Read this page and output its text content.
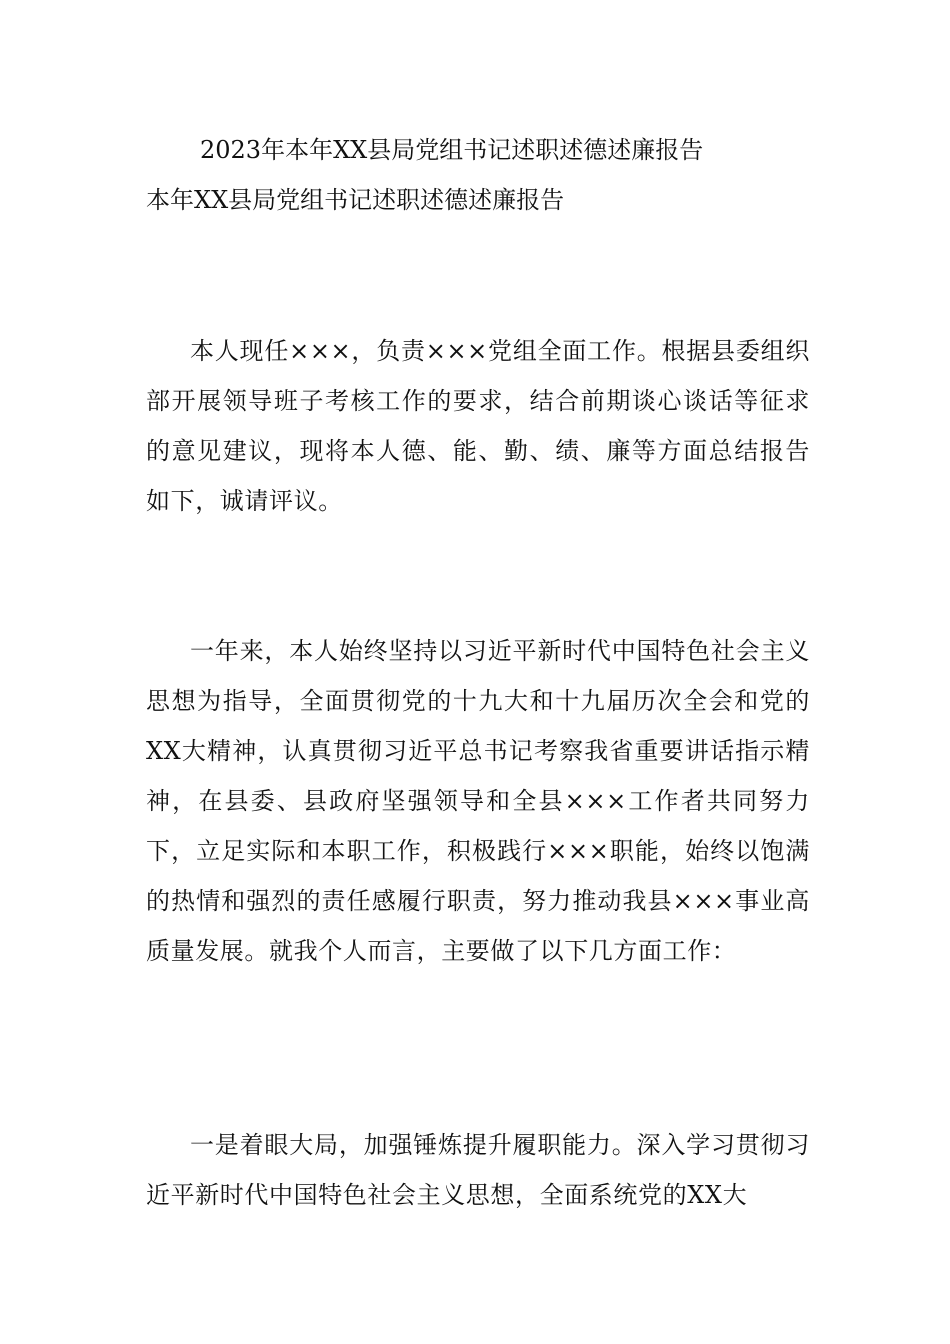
2023年本年XX县局党组书记述职述德述廉报告
本年XX县局党组书记述职述德述廉报告

本人现任×××，负责×××党组全面工作。根据县委组织部开展领导班子考核工作的要求，结合前期谈心谈话等征求的意见建议，现将本人德、能、勤、绩、廉等方面总结报告如下，诚请评议。

一年来，本人始终坚持以习近平新时代中国特色社会主义思想为指导，全面贯彻党的十九大和十九届历次全会和党的XX大精神，认真贯彻习近平总书记考察我省重要讲话指示精神，在县委、县政府坚强领导和全县×××工作者共同努力下，立足实际和本职工作，积极践行×××职能，始终以饱满的热情和强烈的责任感履行职责，努力推动我县×××事业高质量发展。就我个人而言，主要做了以下几方面工作：

一是着眼大局，加强锤炼提升履职能力。深入学习贯彻习近平新时代中国特色社会主义思想，全面系统党的XX大
